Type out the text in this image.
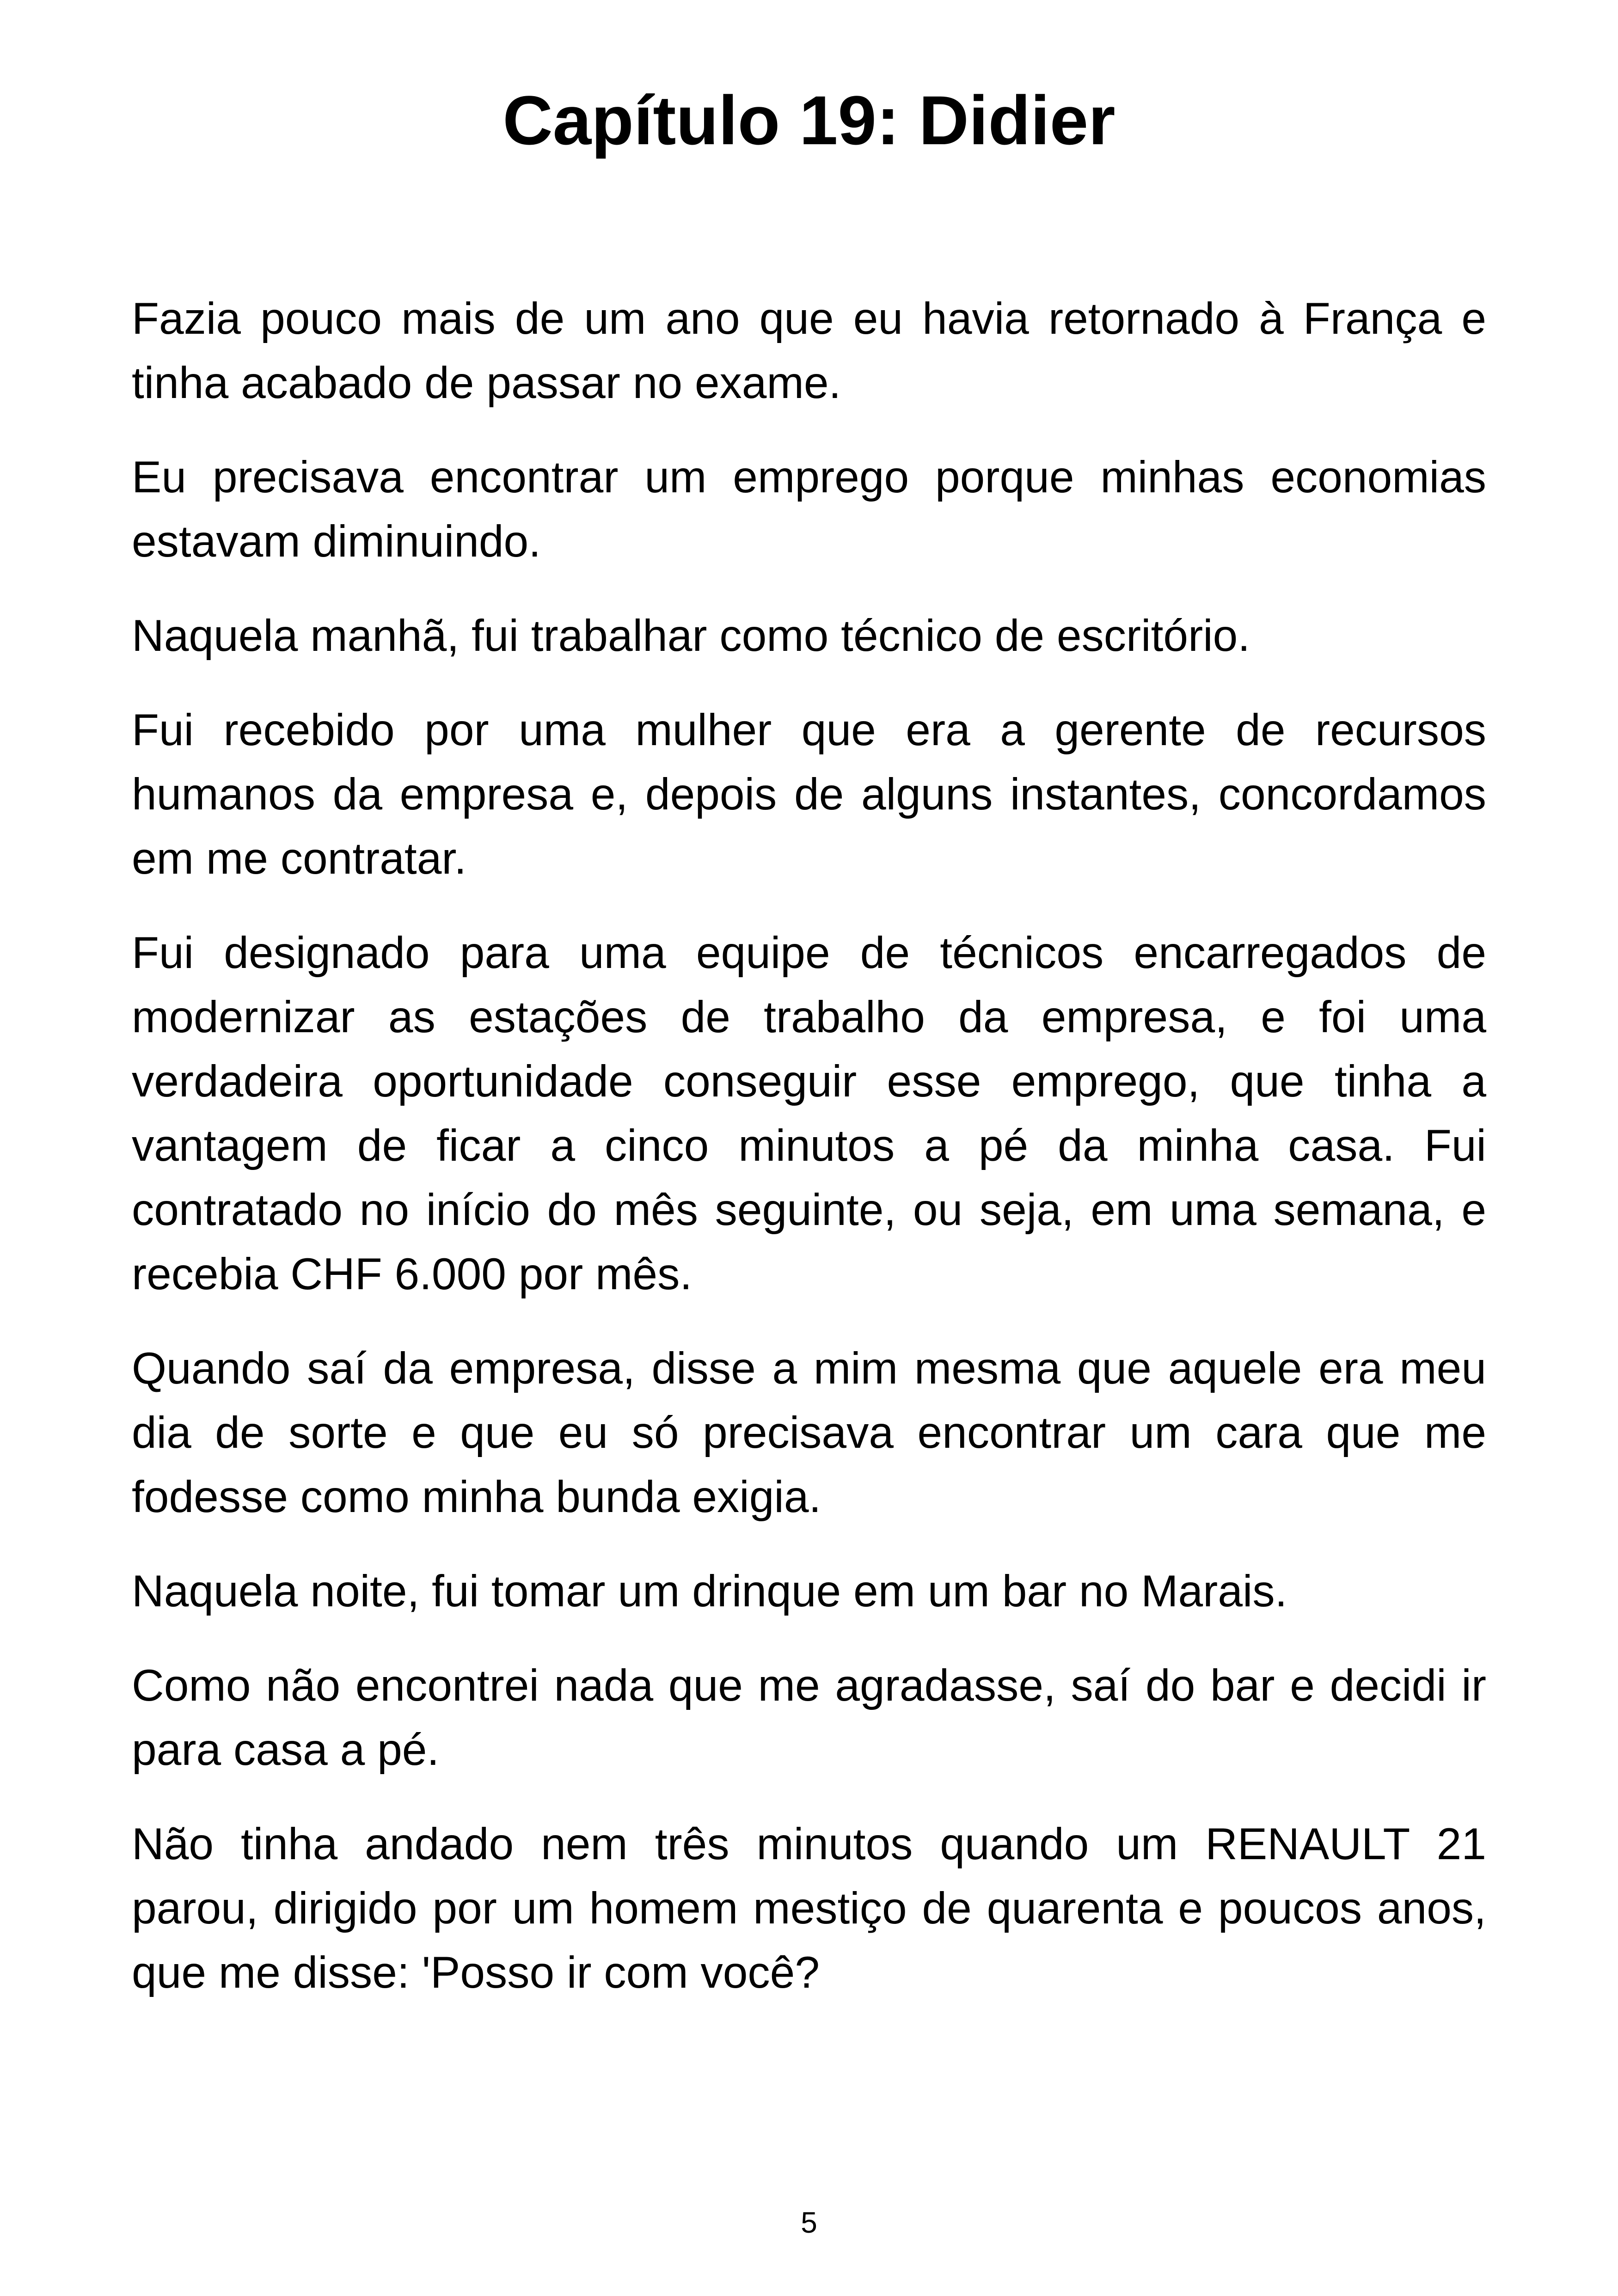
Capítulo 19: Didier

Fazia pouco mais de um ano que eu havia retornado à França e tinha acabado de passar no exame.

Eu precisava encontrar um emprego porque minhas economias estavam diminuindo.

Naquela manhã, fui trabalhar como técnico de escritório.

Fui recebido por uma mulher que era a gerente de recursos humanos da empresa e, depois de alguns instantes, concordamos em me contratar.

Fui designado para uma equipe de técnicos encarregados de modernizar as estações de trabalho da empresa, e foi uma verdadeira oportunidade conseguir esse emprego, que tinha a vantagem de ficar a cinco minutos a pé da minha casa. Fui contratado no início do mês seguinte, ou seja, em uma semana, e recebia CHF 6.000 por mês.

Quando saí da empresa, disse a mim mesma que aquele era meu dia de sorte e que eu só precisava encontrar um cara que me fodesse como minha bunda exigia.

Naquela noite, fui tomar um drinque em um bar no Marais.

Como não encontrei nada que me agradasse, saí do bar e decidi ir para casa a pé.

Não tinha andado nem três minutos quando um RENAULT 21 parou, dirigido por um homem mestiço de quarenta e poucos anos, que me disse: 'Posso ir com você?

5
